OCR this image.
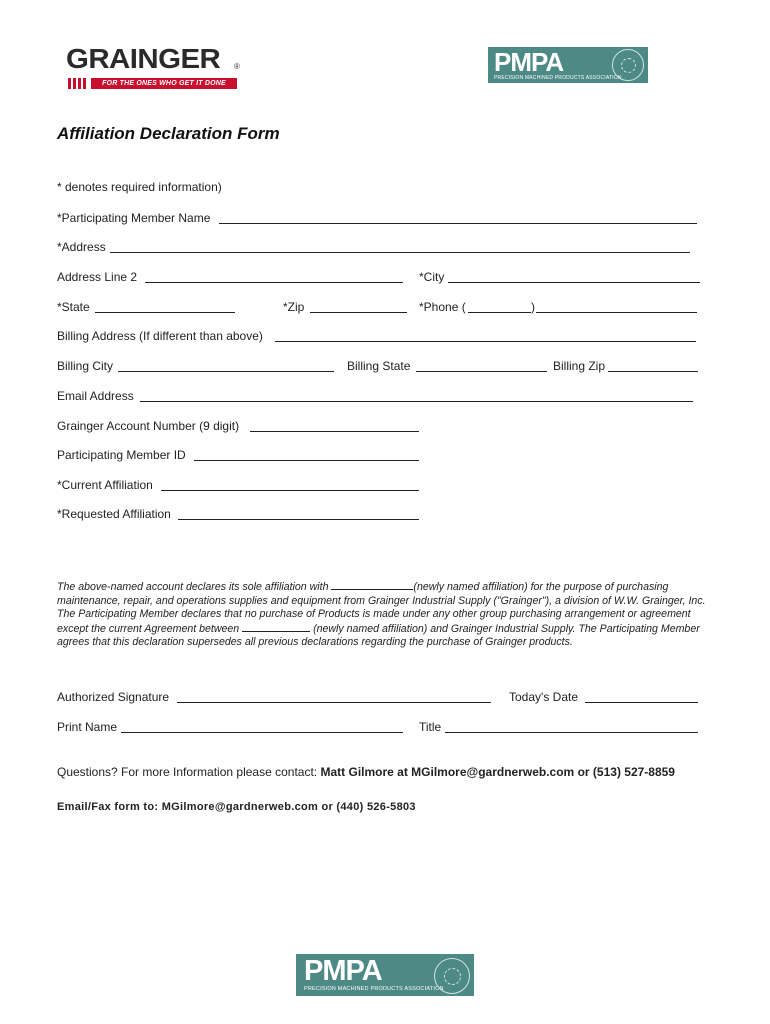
GRAINGER ®
FOR THE ONES WHO GET IT DONE
PMPA
PRECISION MACHINED PRODUCTS ASSOCIATION
Affiliation Declaration Form
* denotes required information)
*Participating Member Name
*Address
Address Line 2	*City
*State	*Zip	*Phone (	)
Billing Address (If different than above)
Billing City	Billing State	Billing Zip
Email Address
Grainger Account Number (9 digit)
Participating Member ID
*Current Affiliation
*Requested Affiliation
The above-named account declares its sole affiliation with	(newly named affiliation) for the purpose of purchasing maintenance, repair, and operations supplies and equipment from Grainger Industrial Supply ("Grainger"), a division of W.W. Grainger, Inc. The Participating Member declares that no purchase of Products is made under any other group purchasing arrangement or agreement except the current Agreement between	(newly named affiliation) and Grainger Industrial Supply. The Participating Member agrees that this declaration supersedes all previous declarations regarding the purchase of Grainger products.
Authorized Signature	Today's Date
Print Name	Title
Questions? For more Information please contact: Matt Gilmore at MGilmore@gardnerweb.com or (513) 527-8859
Email/Fax form to: MGilmore@gardnerweb.com or (440) 526-5803
PMPA
PRECISION MACHINED PRODUCTS ASSOCIATION
